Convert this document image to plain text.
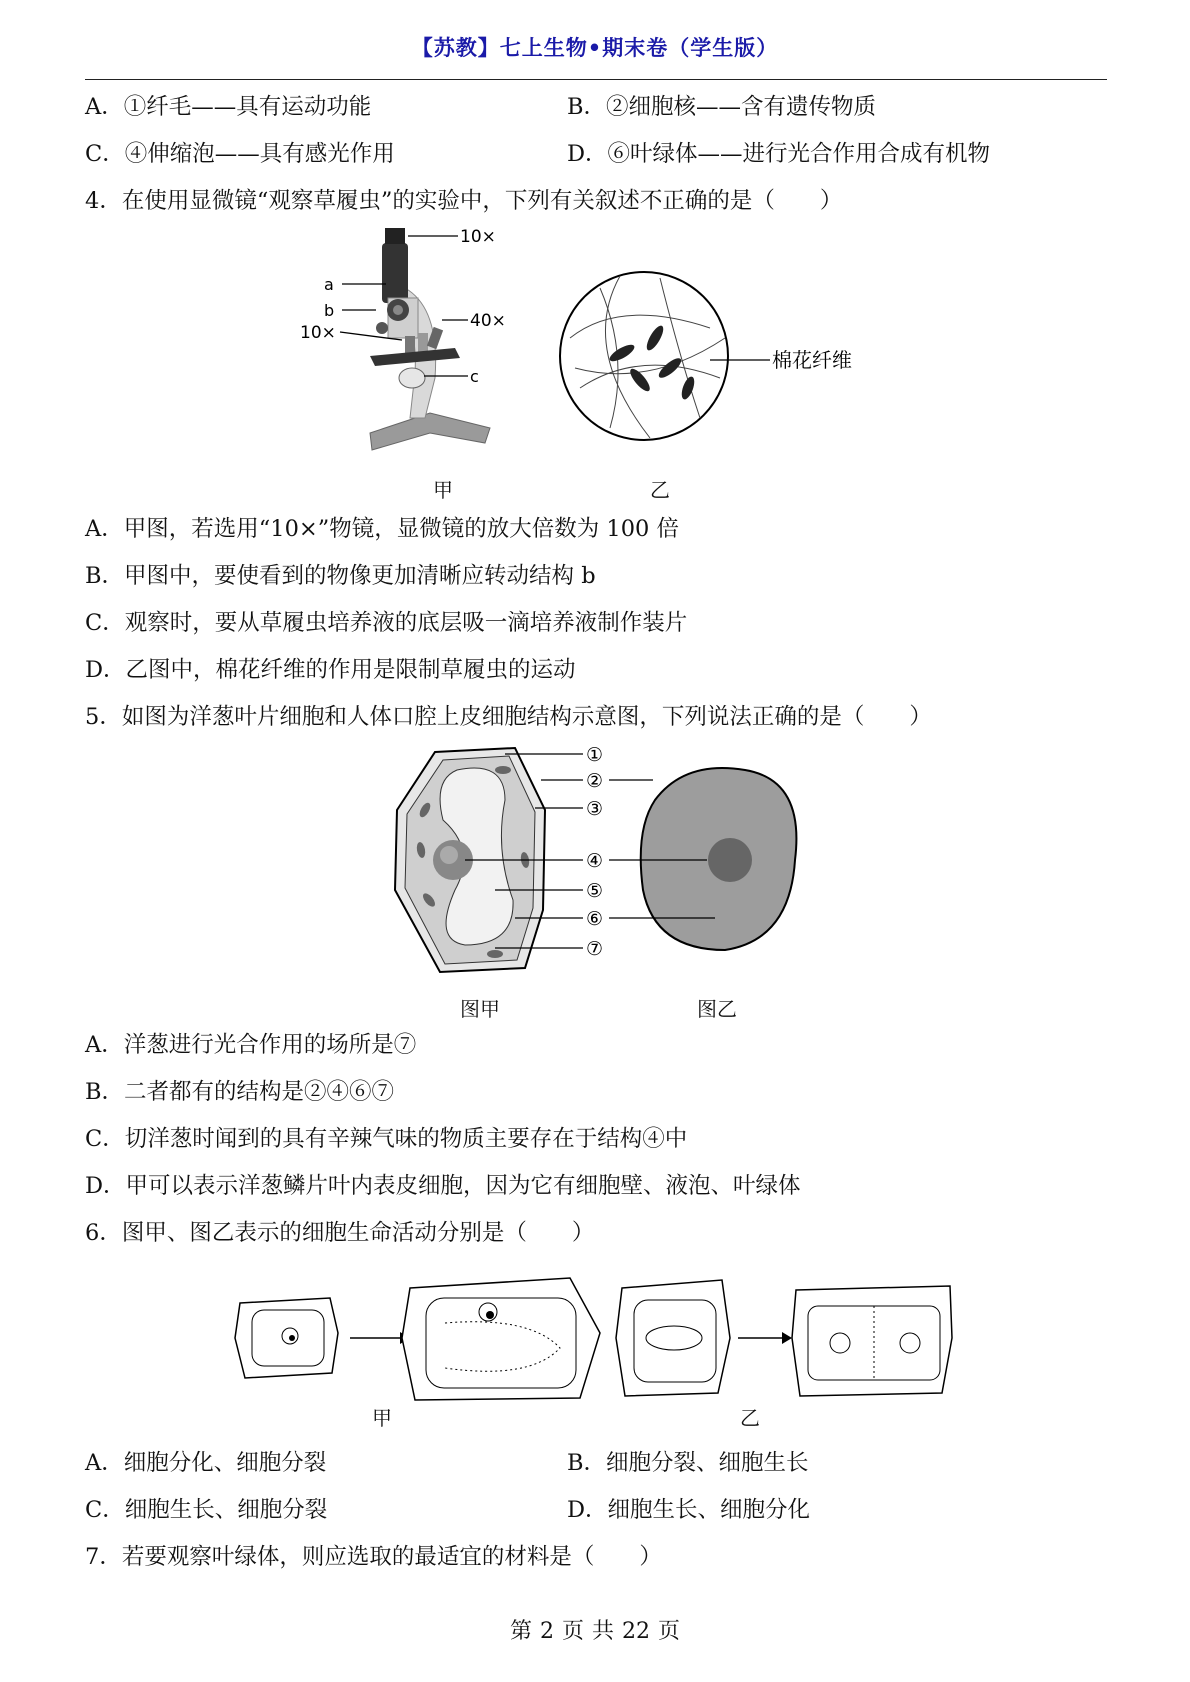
【苏教】七上生物•期末卷（学生版）
A．①纤毛——具有运动功能	B．②细胞核——含有遗传物质
C．④伸缩泡——具有感光作用	D．⑥叶绿体——进行光合作用合成有机物
4．在使用显微镜“观察草履虫”的实验中，下列有关叙述不正确的是（　　）
10×
a
b
10×
40×
c
棉花纤维
甲	乙
A．甲图，若选用“10×”物镜，显微镜的放大倍数为 100 倍
B．甲图中，要使看到的物像更加清晰应转动结构 b
C．观察时，要从草履虫培养液的底层吸一滴培养液制作装片
D．乙图中，棉花纤维的作用是限制草履虫的运动
5．如图为洋葱叶片细胞和人体口腔上皮细胞结构示意图，下列说法正确的是（　　）
①
②
③
④
⑤
⑥
⑦
图甲	图乙
A．洋葱进行光合作用的场所是⑦
B．二者都有的结构是②④⑥⑦
C．切洋葱时闻到的具有辛辣气味的物质主要存在于结构④中
D．甲可以表示洋葱鳞片叶内表皮细胞，因为它有细胞壁、液泡、叶绿体
6．图甲、图乙表示的细胞生命活动分别是（　　）
甲	乙
A．细胞分化、细胞分裂	B．细胞分裂、细胞生长
C．细胞生长、细胞分裂	D．细胞生长、细胞分化
7．若要观察叶绿体，则应选取的最适宜的材料是（　　）
第 2 页 共 22 页
